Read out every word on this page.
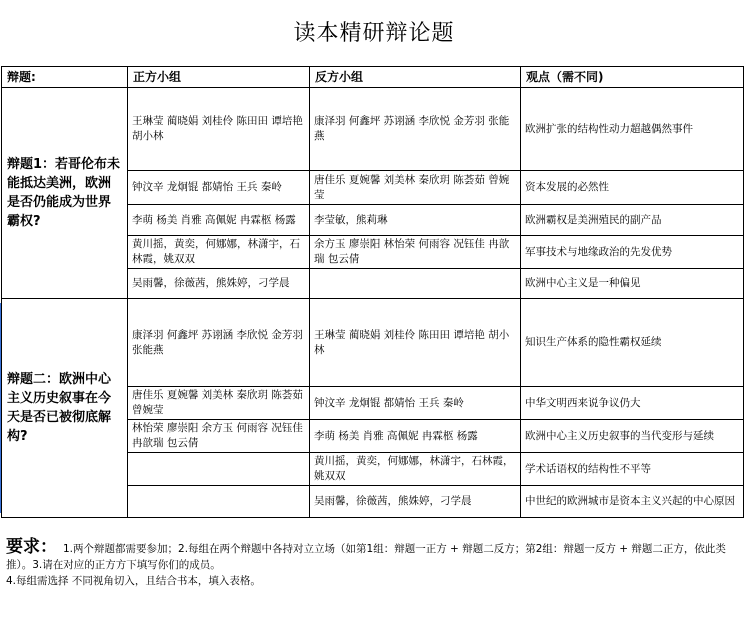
读本精研辩论题
辩题:	正方小组	反方小组	观点（需不同)
辩题1：若哥伦布未能抵达美洲，欧洲是否仍能成为世界霸权?	王琳莹 蔺晓娟 刘桂伶 陈田田 谭培艳 胡小林	康泽羽 何鑫坪 苏诩涵 李欣悦 金芳羽 张能燕	欧洲扩张的结构性动力超越偶然事件
	钟汶辛 龙炯锟 都婧怡 王兵 秦岭	唐佳乐 夏婉馨 刘美林 秦欣玥 陈荟茹 曾婉莹	资本发展的必然性
	李萌 杨美 肖雅 高佩妮 冉霖柩 杨露	李莹敏，熊莉琳	欧洲霸权是美洲殖民的副产品
	黄川摇，黄奕，何娜娜，林潇宇，石林霞，姚双双	余方玉 廖崇阳 林怡荣 何雨容 况钰佳 冉歆瑞 包云倩	军事技术与地缘政治的先发优势
	吴雨馨，徐薇茜，熊姝婷，刁学晨		欧洲中心主义是一种偏见
辩题二：欧洲中心主义历史叙事在今天是否已被彻底解构?	康泽羽 何鑫坪 苏诩涵 李欣悦 金芳羽 张能燕	王琳莹 蔺晓娟 刘桂伶 陈田田 谭培艳 胡小林	知识生产体系的隐性霸权延续
	唐佳乐 夏婉馨 刘美林 秦欣玥 陈荟茹 曾婉莹	钟汶辛 龙炯锟 都婧怡 王兵 秦岭	中华文明西来说争议仍大
	林怡荣 廖崇阳 余方玉 何雨容 况钰佳 冉歆瑞 包云倩	李萌 杨美 肖雅 高佩妮 冉霖柩 杨露	欧洲中心主义历史叙事的当代变形与延续
		黄川摇，黄奕，何娜娜，林潇宇，石林霞，姚双双	学术话语权的结构性不平等
		吴雨馨，徐薇茜，熊姝婷，刁学晨	中世纪的欧洲城市是资本主义兴起的中心原因
要求： 1.两个辩题都需要参加；2.每组在两个辩题中各持对立立场（如第1组：辩题一正方 + 辩题二反方；第2组：辩题一反方 + 辩题二正方，依此类推）。3.请在对应的正方方下填写你们的成员。
4.每组需选择 不同视角切入，且结合书本，填入表格。
